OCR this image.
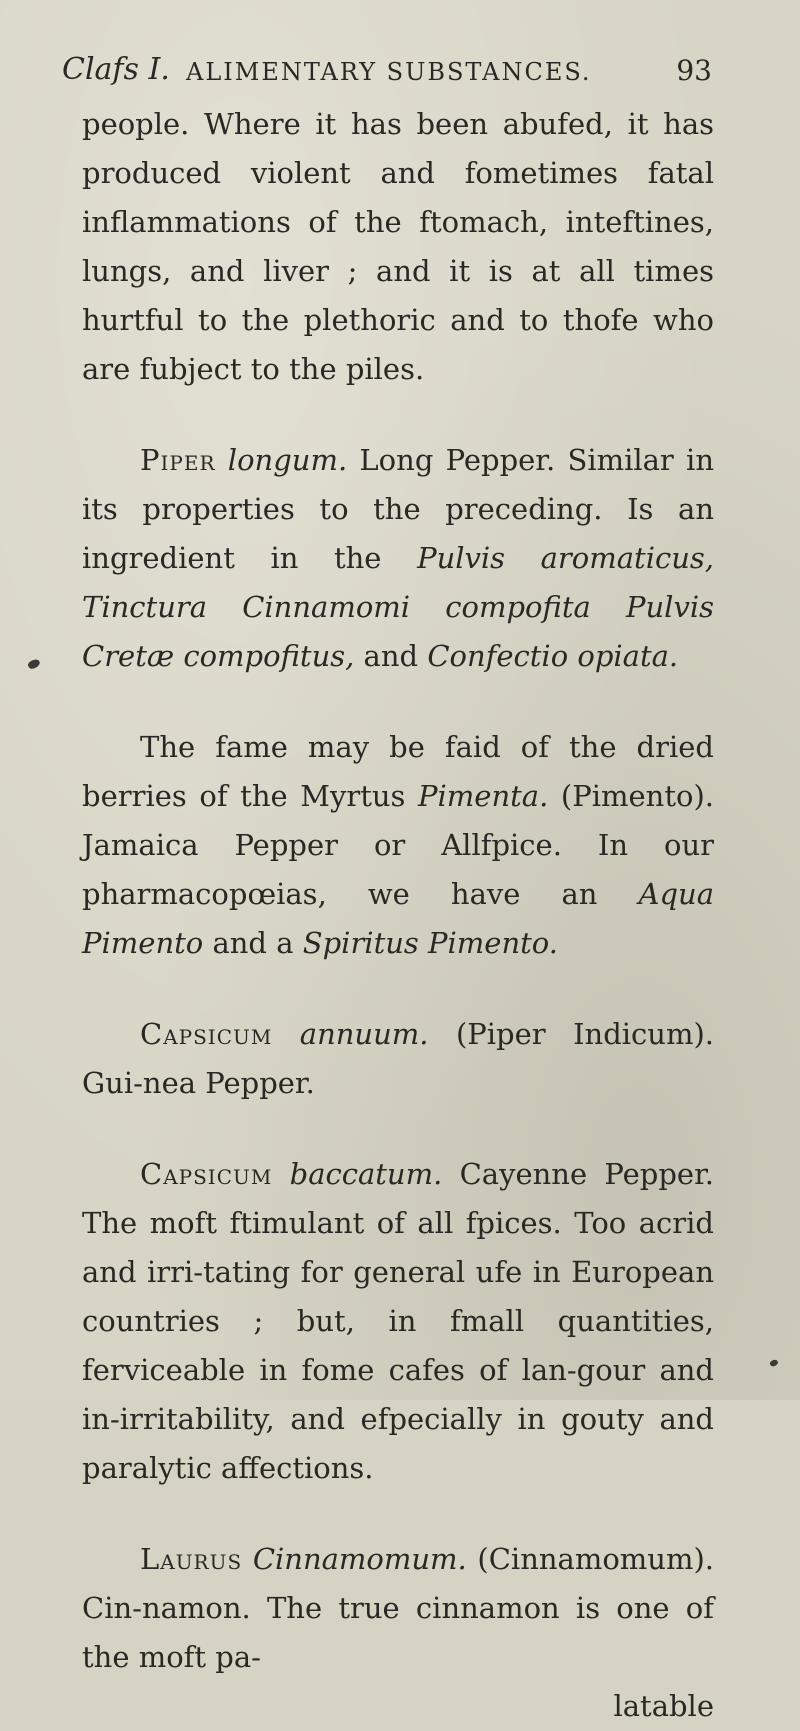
Clafs I. ALIMENTARY SUBSTANCES.	93

people. Where it has been abufed, it has produced violent and fometimes fatal inflammations of the ftomach, inteftines, lungs, and liver ; and it is at all times hurtful to the plethoric and to thofe who are fubject to the piles.

Piper longum. Long Pepper. Similar in its properties to the preceding. Is an ingredient in the Pulvis aromaticus, Tinctura Cinnamomi compofita Pulvis Cretæ compofitus, and Confectio opiata.

The fame may be faid of the dried berries of the Myrtus Pimenta. (Pimento). Jamaica Pepper or Allfpice. In our pharmacopœias, we have an Aqua Pimento and a Spiritus Pimento.

Capsicum annuum. (Piper Indicum). Gui-nea Pepper.

Capsicum baccatum. Cayenne Pepper. The moft ftimulant of all fpices. Too acrid and irri-tating for general ufe in European countries ; but, in fmall quantities, ferviceable in fome cafes of lan-gour and in-irritability, and efpecially in gouty and paralytic affections.

Laurus Cinnamomum. (Cinnamomum). Cin-namon. The true cinnamon is one of the moft pa-

latable
